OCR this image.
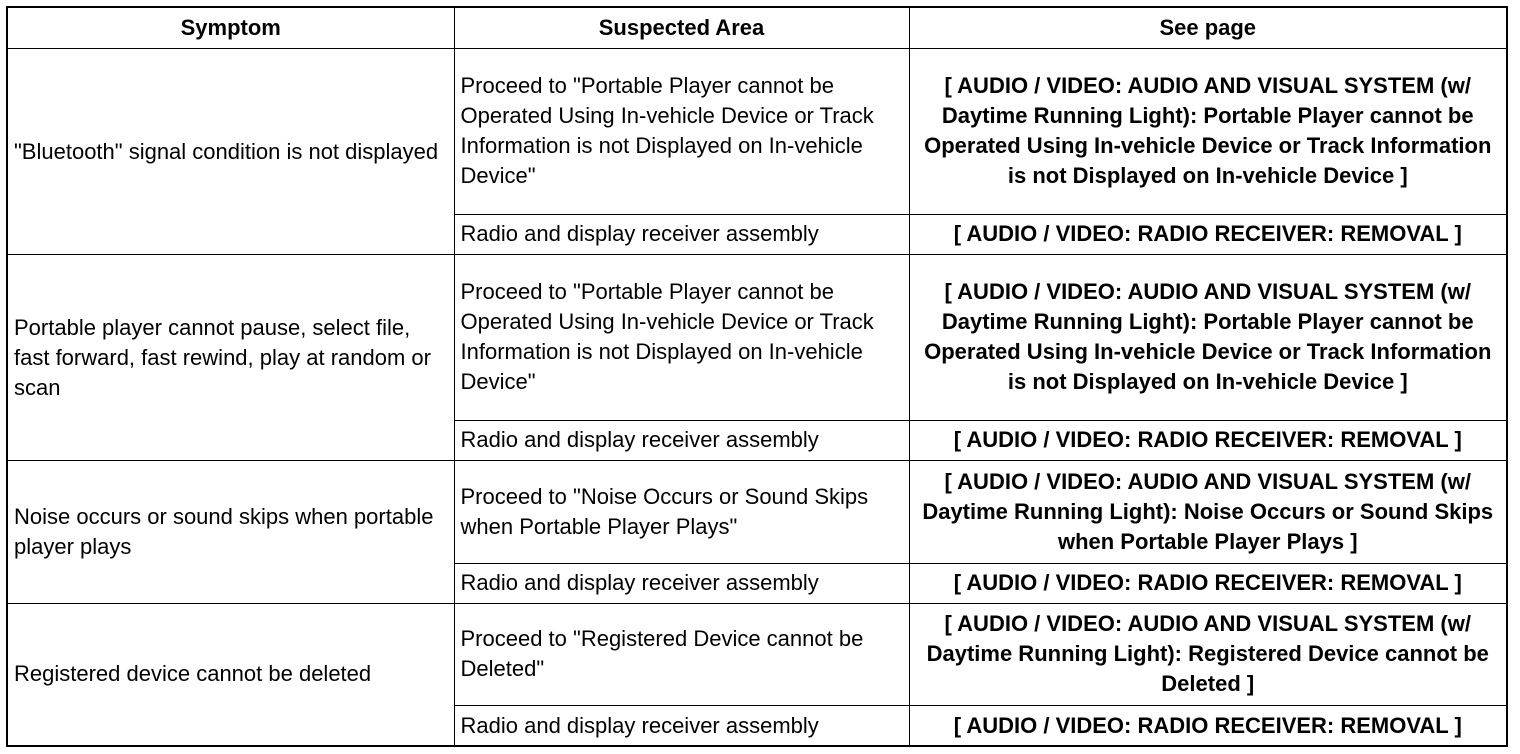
Symptom	Suspected Area	See page
"Bluetooth" signal condition is not displayed	Proceed to "Portable Player cannot be Operated Using In-vehicle Device or Track Information is not Displayed on In-vehicle Device"	[ AUDIO / VIDEO: AUDIO AND VISUAL SYSTEM (w/ Daytime Running Light): Portable Player cannot be Operated Using In-vehicle Device or Track Information is not Displayed on In-vehicle Device ]
	Radio and display receiver assembly	[ AUDIO / VIDEO: RADIO RECEIVER: REMOVAL ]
Portable player cannot pause, select file, fast forward, fast rewind, play at random or scan	Proceed to "Portable Player cannot be Operated Using In-vehicle Device or Track Information is not Displayed on In-vehicle Device"	[ AUDIO / VIDEO: AUDIO AND VISUAL SYSTEM (w/ Daytime Running Light): Portable Player cannot be Operated Using In-vehicle Device or Track Information is not Displayed on In-vehicle Device ]
	Radio and display receiver assembly	[ AUDIO / VIDEO: RADIO RECEIVER: REMOVAL ]
Noise occurs or sound skips when portable player plays	Proceed to "Noise Occurs or Sound Skips when Portable Player Plays"	[ AUDIO / VIDEO: AUDIO AND VISUAL SYSTEM (w/ Daytime Running Light): Noise Occurs or Sound Skips when Portable Player Plays ]
	Radio and display receiver assembly	[ AUDIO / VIDEO: RADIO RECEIVER: REMOVAL ]
Registered device cannot be deleted	Proceed to "Registered Device cannot be Deleted"	[ AUDIO / VIDEO: AUDIO AND VISUAL SYSTEM (w/ Daytime Running Light): Registered Device cannot be Deleted ]
	Radio and display receiver assembly	[ AUDIO / VIDEO: RADIO RECEIVER: REMOVAL ]
